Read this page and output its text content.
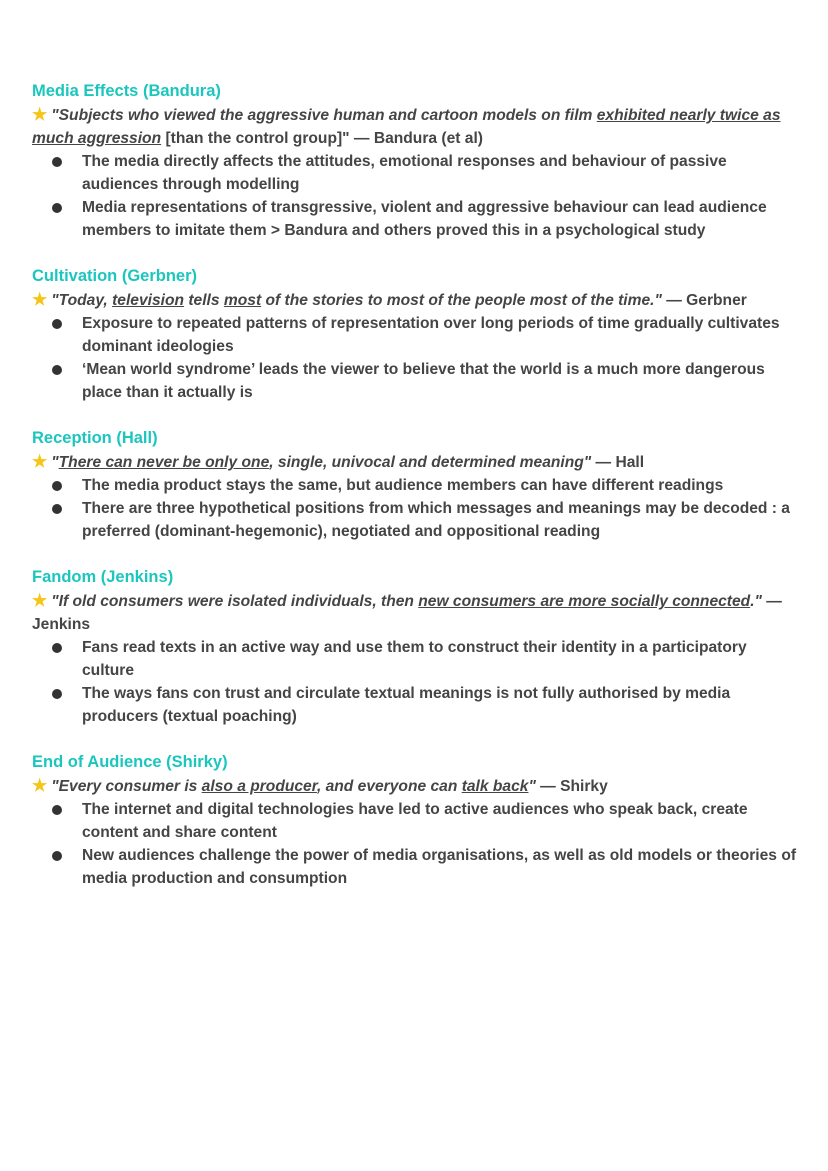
Media Effects (Bandura)

★ "Subjects who viewed the aggressive human and cartoon models on film exhibited nearly twice as much aggression [than the control group]" — Bandura (et al)

The media directly affects the attitudes, emotional responses and behaviour of passive audiences through modelling
Media representations of transgressive, violent and aggressive behaviour can lead audience members to imitate them > Bandura and others proved this in a psychological study
Cultivation (Gerbner)

★ "Today, television tells most of the stories to most of the people most of the time." — Gerbner

Exposure to repeated patterns of representation over long periods of time gradually cultivates dominant ideologies
‘Mean world syndrome’ leads the viewer to believe that the world is a much more dangerous place than it actually is
Reception (Hall)

★ "There can never be only one, single, univocal and determined meaning" — Hall

The media product stays the same, but audience members can have different readings
There are three hypothetical positions from which messages and meanings may be decoded : a preferred (dominant-hegemonic), negotiated and oppositional reading
Fandom (Jenkins)

★ "If old consumers were isolated individuals, then new consumers are more socially connected." — Jenkins

Fans read texts in an active way and use them to construct their identity in a participatory culture
The ways fans con trust and circulate textual meanings is not fully authorised by media producers (textual poaching)
End of Audience (Shirky)

★ "Every consumer is also a producer, and everyone can talk back" — Shirky

The internet and digital technologies have led to active audiences who speak back, create content and share content
New audiences challenge the power of media organisations, as well as old models or theories of media production and consumption
